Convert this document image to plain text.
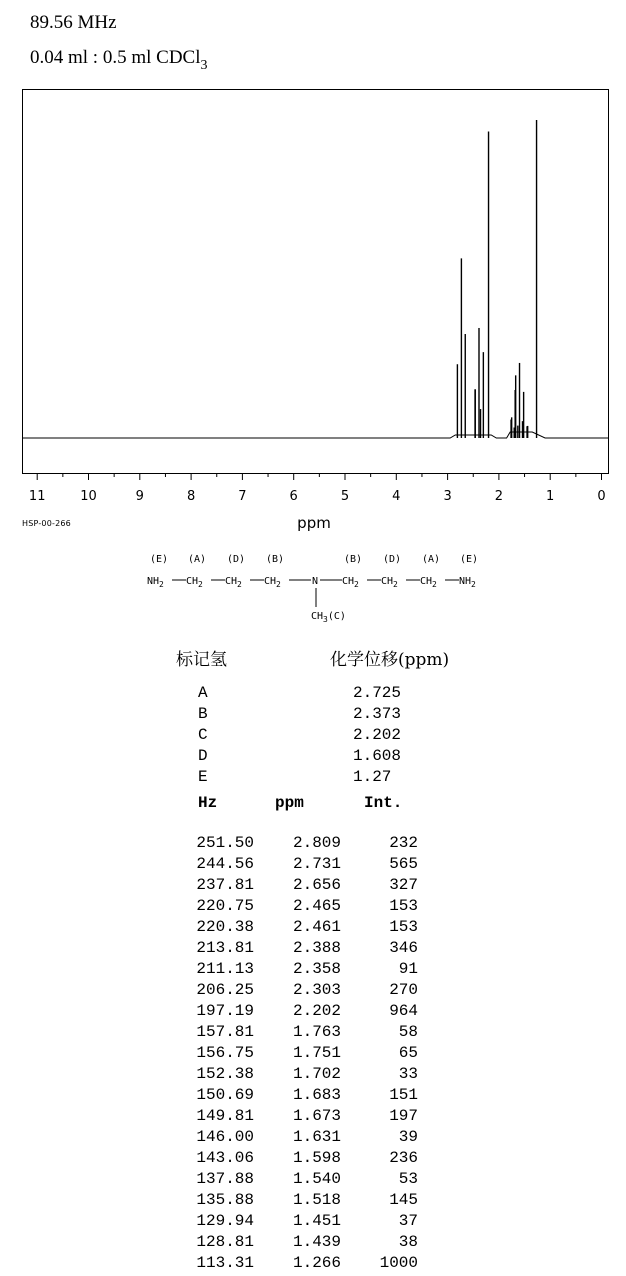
89.56 MHz
0.04 ml : 0.5 ml CDCl$_3$
11	10	9	8	7	6	5	4	3	2	1	0
ppm
HSP-00-266
(E) (A) (D) (B)	(B) (D) (A) (E)
$NH_2$ $CH_2$ $CH_2$ $CH_2$	N
$CH_3(C)$
$CH_2$ $CH_2$ $CH_2$ $NH_2$
标记氢	化学位移(ppm)
A	2.725
B	2.373
C	2.202
D	1.608
E	1.27
Hz	ppm	Int.
251.50	2.809	232
244.56	2.731	565
237.81	2.656	327
220.75	2.465	153
220.38	2.461	153
213.81	2.388	346
211.13	2.358	91
206.25	2.303	270
197.19	2.202	964
157.81	1.763	58
156.75	1.751	65
152.38	1.702	33
150.69	1.683	151
149.81	1.673	197
146.00	1.631	39
143.06	1.598	236
137.88	1.540	53
135.88	1.518	145
129.94	1.451	37
128.81	1.439	38
113.31	1.266	1000
